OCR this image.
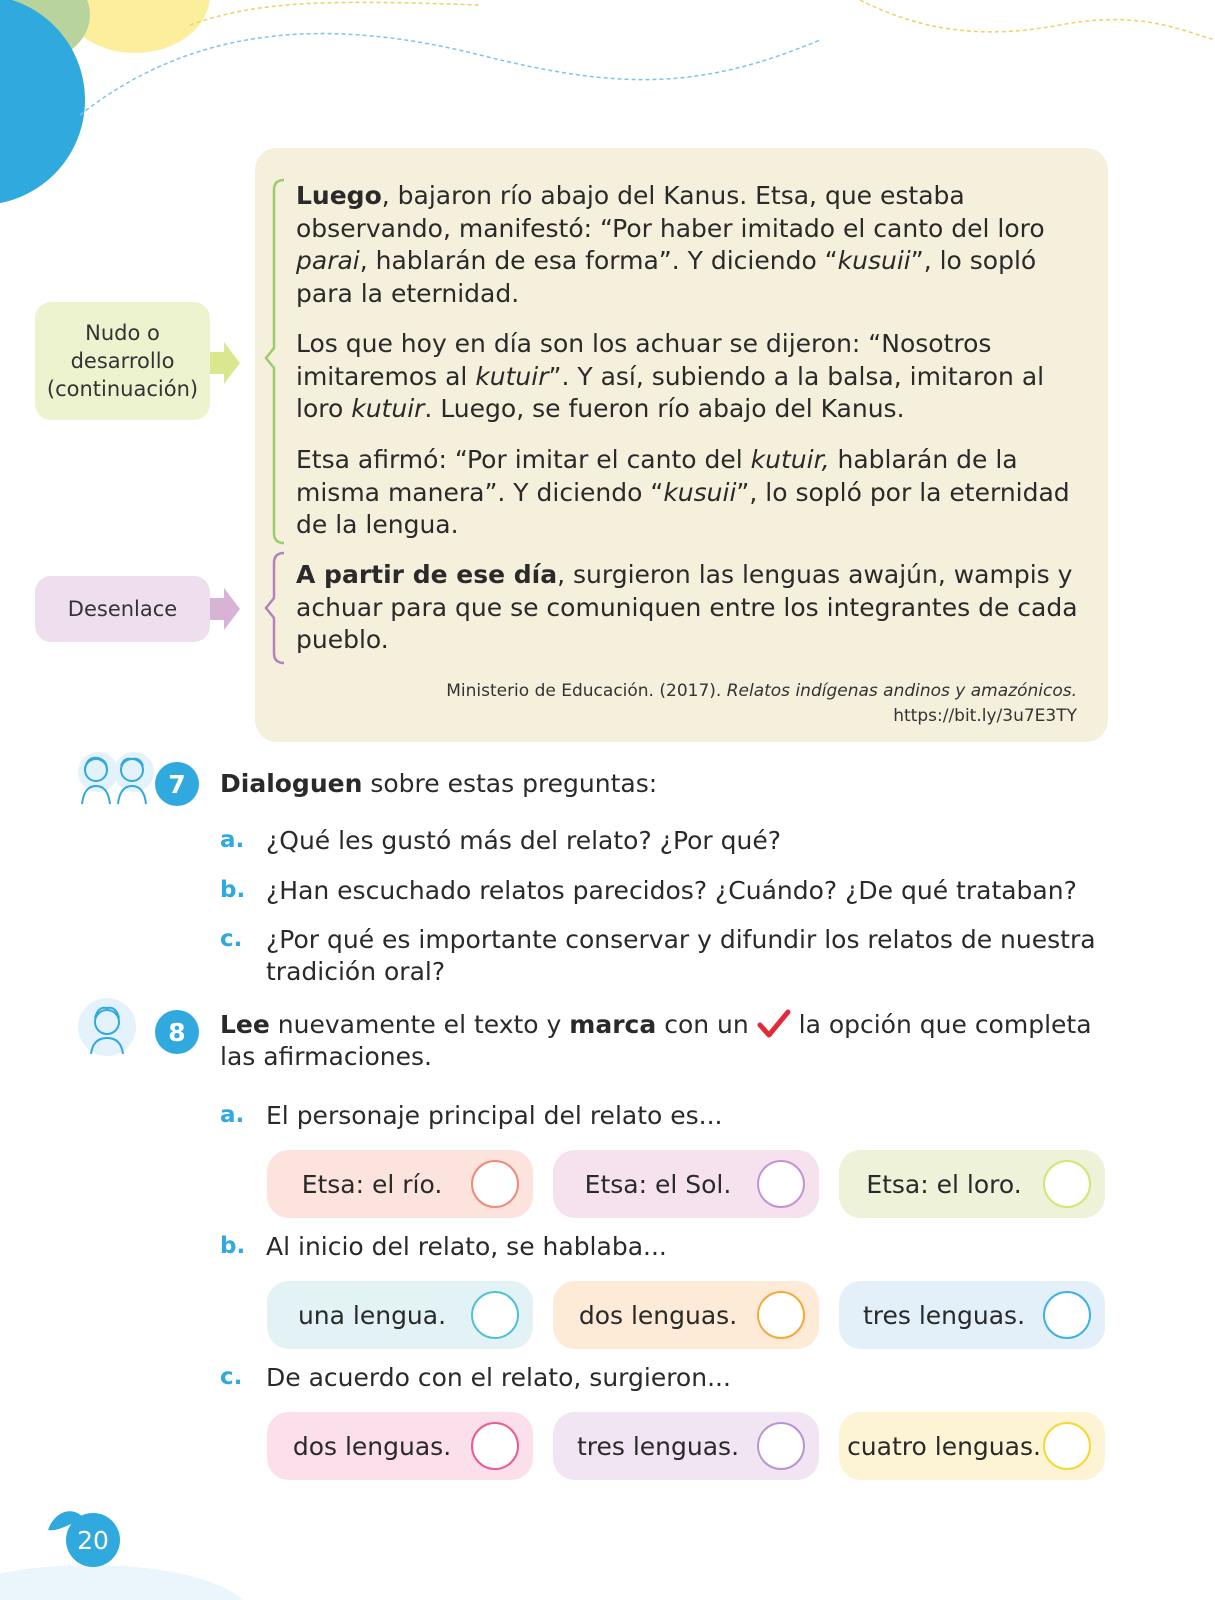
Nudo o desarrollo (continuación)
Desenlace
Luego, bajaron río abajo del Kanus. Etsa, que estaba observando, manifestó: “Por haber imitado el canto del loro parai, hablarán de esa forma”. Y diciendo “kusuii”, lo sopló para la eternidad.
Los que hoy en día son los achuar se dijeron: “Nosotros imitaremos al kutuir”. Y así, subiendo a la balsa, imitaron al loro kutuir. Luego, se fueron río abajo del Kanus.
Etsa afirmó: “Por imitar el canto del kutuir, hablarán de la misma manera”. Y diciendo “kusuii”, lo sopló por la eternidad de la lengua.
A partir de ese día, surgieron las lenguas awajún, wampis y achuar para que se comuniquen entre los integrantes de cada pueblo.
Ministerio de Educación. (2017). Relatos indígenas andinos y amazónicos.
https://bit.ly/3u7E3TY
7	Dialoguen sobre estas preguntas:
a. ¿Qué les gustó más del relato? ¿Por qué?
b. ¿Han escuchado relatos parecidos? ¿Cuándo? ¿De qué trataban?
c. ¿Por qué es importante conservar y difundir los relatos de nuestra tradición oral?
8	Lee nuevamente el texto y marca con un  la opción que completa las afirmaciones.
a. El personaje principal del relato es...
Etsa: el río.	Etsa: el Sol.	Etsa: el loro.
b. Al inicio del relato, se hablaba...
una lengua.	dos lenguas.	tres lenguas.
c. De acuerdo con el relato, surgieron...
dos lenguas.	tres lenguas.	cuatro lenguas.
20
